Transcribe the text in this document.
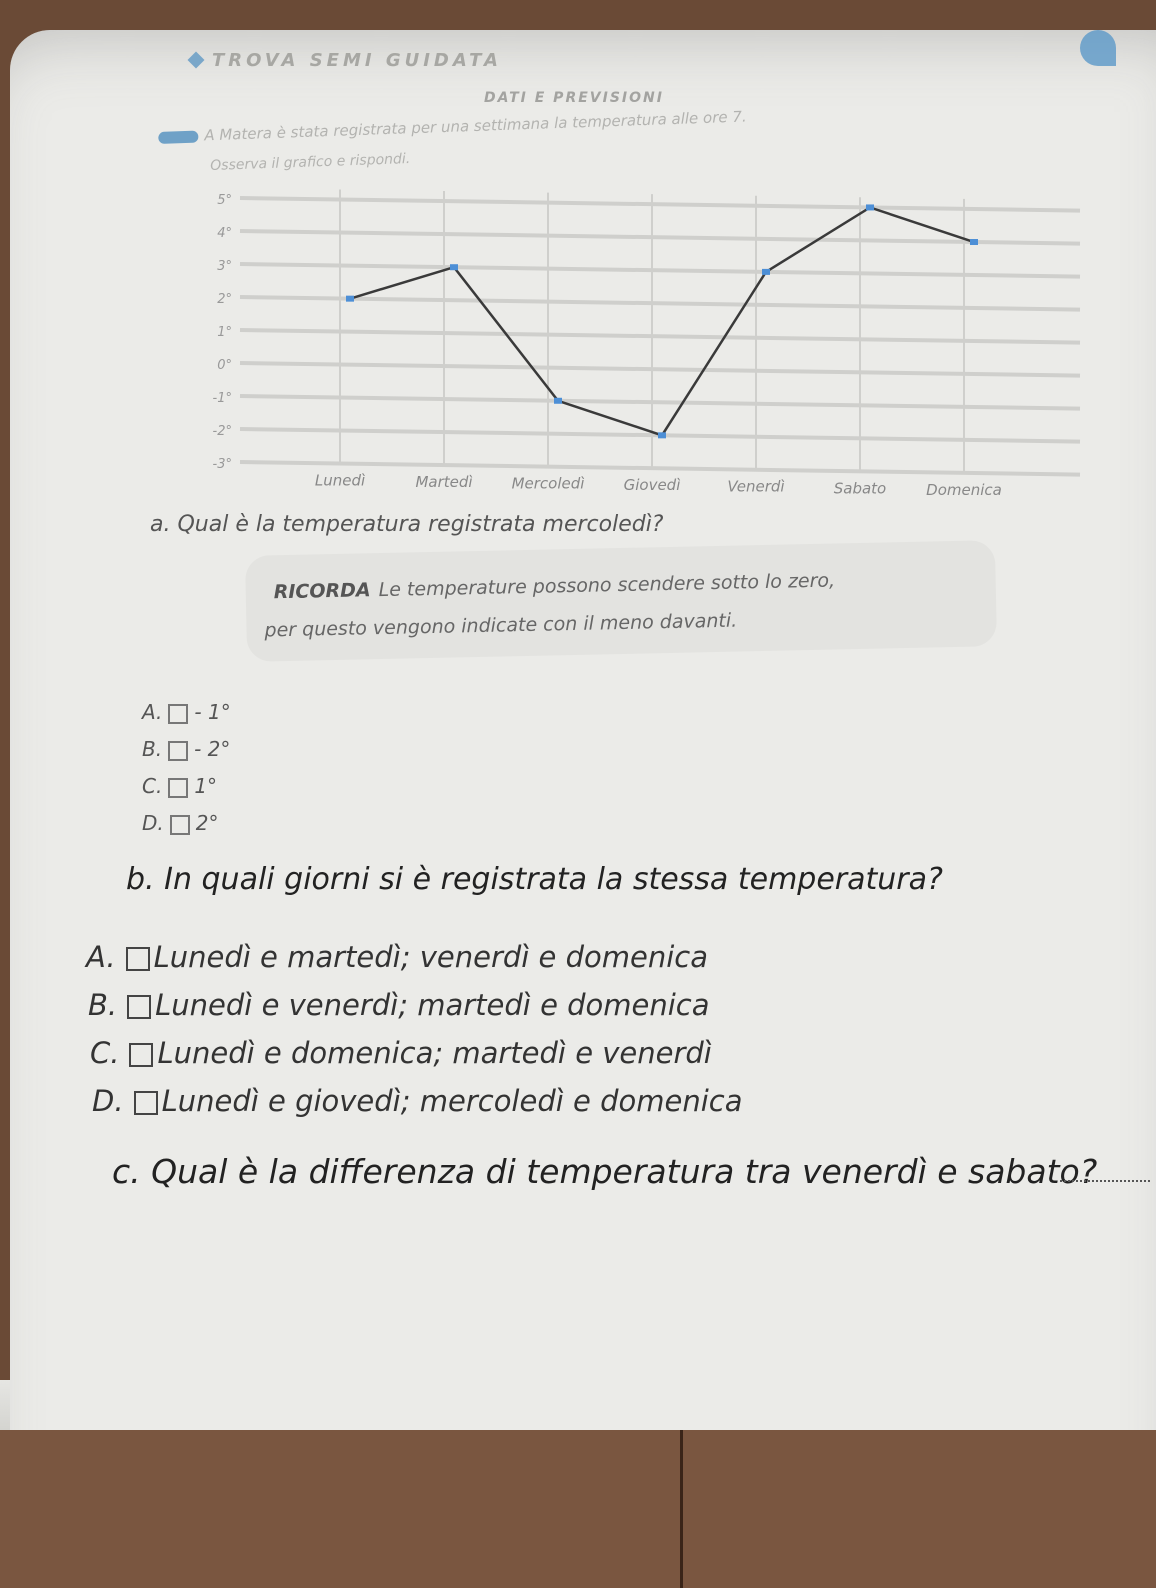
TROVA SEMI GUIDATA
DATI E PREVISIONI
A Matera è stata registrata per una settimana la temperatura alle ore 7.
Osserva il grafico e rispondi.
-3°
-2°
-1°
0°
1°
2°
3°
4°
5°
Lunedì	Martedì	Mercoledì	Giovedì	Venerdì	Sabato	Domenica
a. Qual è la temperatura registrata mercoledì?
RICORDA Le temperature possono scendere sotto lo zero,
per questo vengono indicate con il meno davanti.
A. - 1°
B. - 2°
C. 1°
D. 2°
b. In quali giorni si è registrata la stessa temperatura?
A. Lunedì e martedì; venerdì e domenica
B. Lunedì e venerdì; martedì e domenica
C. Lunedì e domenica; martedì e venerdì
D. Lunedì e giovedì; mercoledì e domenica
c. Qual è la differenza di temperatura tra venerdì e sabato?
